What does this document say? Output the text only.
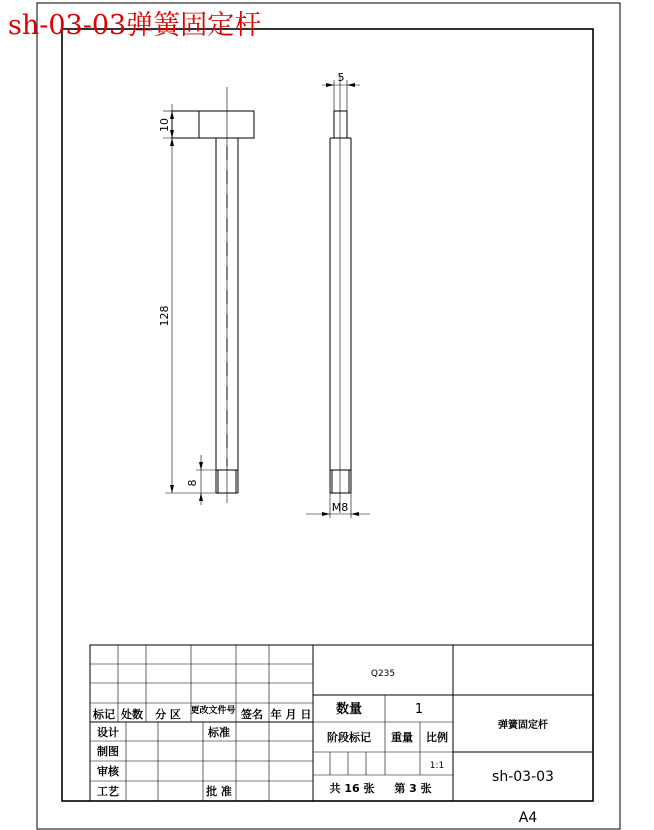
10
128
8
5
M8
Q235
标记 处数 分 区 更改文件号 签名 年 月 日
设计	标准
制图
审核
工艺	批 准
数量	1
阶段标记 重量 比例
1:1
共 16 张 第 3 张
弹簧固定杆
sh-03-03
A4
sh-03-03弹簧固定杆
